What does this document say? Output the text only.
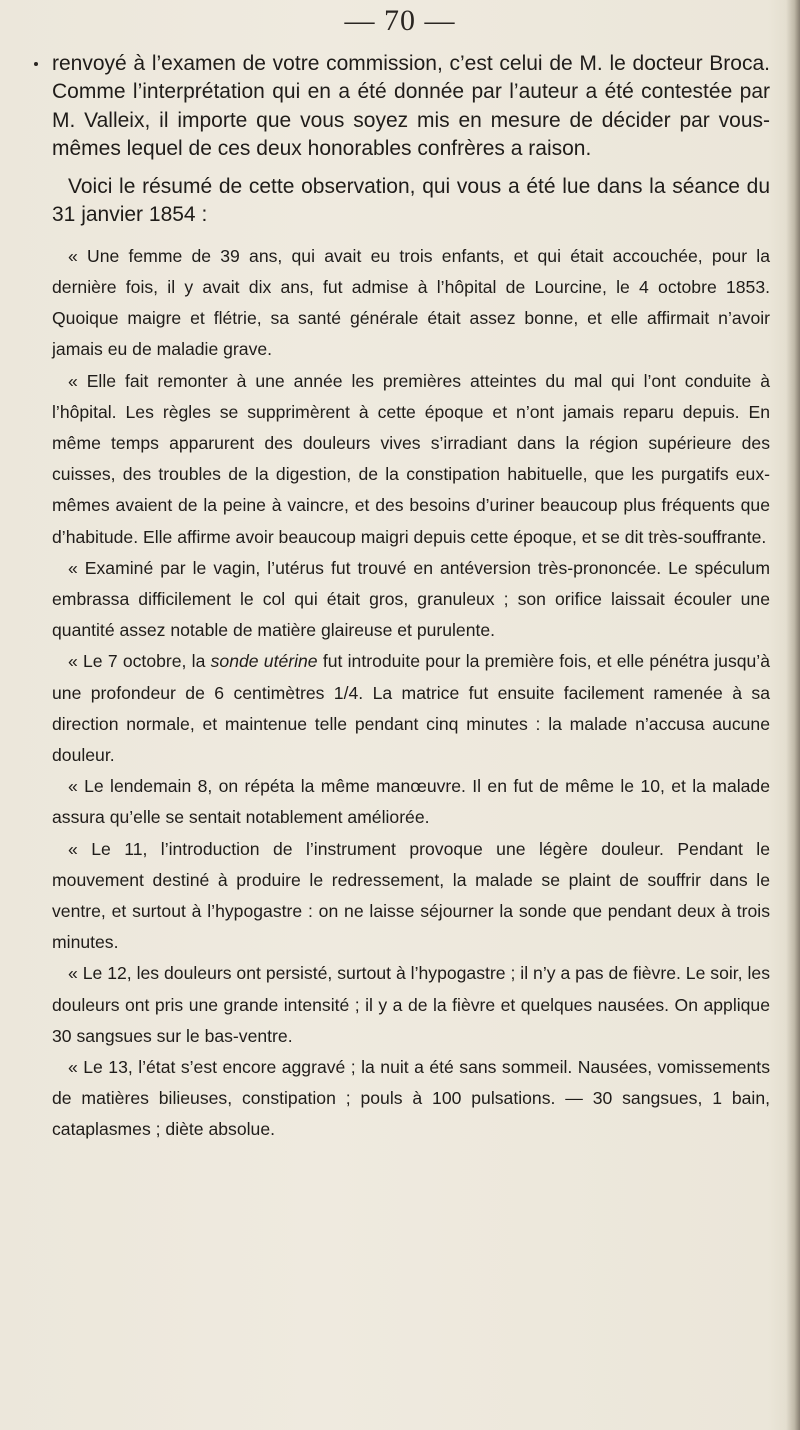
— 70 —

renvoyé à l’examen de votre commission, c’est celui de M. le docteur Broca. Comme l’interprétation qui en a été donnée par l’auteur a été contestée par M. Valleix, il importe que vous soyez mis en mesure de décider par vous-mêmes lequel de ces deux honorables confrères a raison.

Voici le résumé de cette observation, qui vous a été lue dans la séance du 31 janvier 1854 :

« Une femme de 39 ans, qui avait eu trois enfants, et qui était accouchée, pour la dernière fois, il y avait dix ans, fut admise à l’hôpital de Lourcine, le 4 octobre 1853. Quoique maigre et flétrie, sa santé générale était assez bonne, et elle affirmait n’avoir jamais eu de maladie grave.

« Elle fait remonter à une année les premières atteintes du mal qui l’ont conduite à l’hôpital. Les règles se supprimèrent à cette époque et n’ont jamais reparu depuis. En même temps apparurent des douleurs vives s’irradiant dans la région supérieure des cuisses, des troubles de la digestion, de la constipation habituelle, que les purgatifs eux-mêmes avaient de la peine à vaincre, et des besoins d’uriner beaucoup plus fréquents que d’habitude. Elle affirme avoir beaucoup maigri depuis cette époque, et se dit très-souffrante.

« Examiné par le vagin, l’utérus fut trouvé en antéversion très-prononcée. Le spéculum embrassa difficilement le col qui était gros, granuleux ; son orifice laissait écouler une quantité assez notable de matière glaireuse et purulente.

« Le 7 octobre, la sonde utérine fut introduite pour la première fois, et elle pénétra jusqu’à une profondeur de 6 centimètres 1/4. La matrice fut ensuite facilement ramenée à sa direction normale, et maintenue telle pendant cinq minutes : la malade n’accusa aucune douleur.

« Le lendemain 8, on répéta la même manœuvre. Il en fut de même le 10, et la malade assura qu’elle se sentait notablement améliorée.

« Le 11, l’introduction de l’instrument provoque une légère douleur. Pendant le mouvement destiné à produire le redressement, la malade se plaint de souffrir dans le ventre, et surtout à l’hypogastre : on ne laisse séjourner la sonde que pendant deux à trois minutes.

« Le 12, les douleurs ont persisté, surtout à l’hypogastre ; il n’y a pas de fièvre. Le soir, les douleurs ont pris une grande intensité ; il y a de la fièvre et quelques nausées. On applique 30 sangsues sur le bas-ventre.

« Le 13, l’état s’est encore aggravé ; la nuit a été sans sommeil. Nausées, vomissements de matières bilieuses, constipation ; pouls à 100 pulsations. — 30 sangsues, 1 bain, cataplasmes ; diète absolue.
